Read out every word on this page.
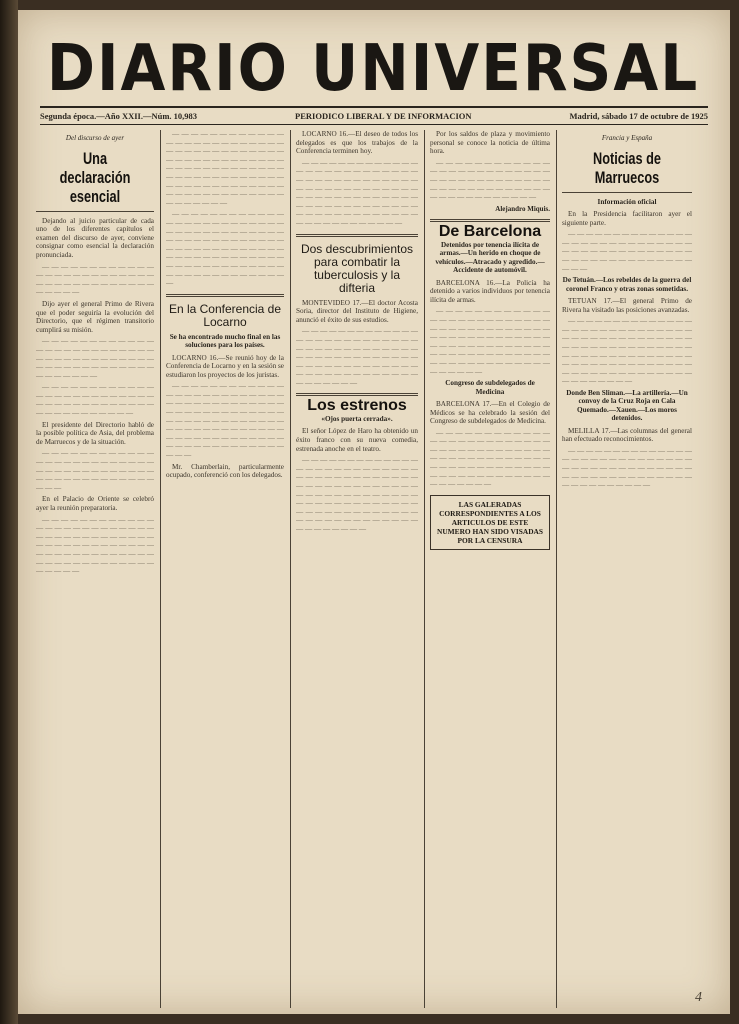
DIARIO UNIVERSAL
Segunda época.—Año XXII.—Núm. 10,983	PERIODICO LIBERAL Y DE INFORMACION	Madrid, sábado 17 de octubre de 1925
Del discurso de ayer
Una declaración esencial

Dejando al juicio particular de cada uno de los diferentes capítulos el examen del discurso de ayer, conviene consignar como esencial la declaración pronunciada.

— — — — — — — — — — — — — — — — — — — — — — — — — — — — — — — — — — — — — — — — — — —

Dijo ayer el general Primo de Rivera que el poder seguiría la evolución del Directorio, que el régimen transitorio cumplirá su misión.

— — — — — — — — — — — — — — — — — — — — — — — — — — — — — — — — — — — — — — — — — — — — — — — — — — — — — — — — — —

— — — — — — — — — — — — — — — — — — — — — — — — — — — — — — — — — — — — — — — — — — — — — — — — —

El presidente del Directorio habló de la posible política de Asia, del problema de Marruecos y de la situación.

— — — — — — — — — — — — — — — — — — — — — — — — — — — — — — — — — — — — — — — — — — — — — — — — — — — — — —

En el Palacio de Oriente se celebró ayer la reunión preparatoria.

— — — — — — — — — — — — — — — — — — — — — — — — — — — — — — — — — — — — — — — — — — — — — — — — — — — — — — — — — — — — — — — — — — — — — — — — — — — — — — — — — —

— — — — — — — — — — — — — — — — — — — — — — — — — — — — — — — — — — — — — — — — — — — — — — — — — — — — — — — — — — — — — — — — — — — — — — — — — — — — — — — — — — — — — — — — — — — — — — — — — — — — — — — — — — — — — —

— — — — — — — — — — — — — — — — — — — — — — — — — — — — — — — — — — — — — — — — — — — — — — — — — — — — — — — — — — — — — — — — — — — — — — — — — — — — — — — — — — — — — — — — — — — — — — — — — — — — — — — —

En la Conferencia de Locarno
Se ha encontrado mucho final en las soluciones para los países.

LOCARNO 16.—Se reunió hoy de la Conferencia de Locarno y en la sesión se estudiaron los proyectos de los juristas.

— — — — — — — — — — — — — — — — — — — — — — — — — — — — — — — — — — — — — — — — — — — — — — — — — — — — — — — — — — — — — — — — — — — — — — — — — — — — — — — — — — — — — — — — — — — — — — — — — — — — — — — — — —

Mr. Chamberlain, particularmente ocupado, conferenció con los delegados.

LOCARNO 16.—El deseo de todos los delegados es que los trabajos de la Conferencia terminen hoy.

— — — — — — — — — — — — — — — — — — — — — — — — — — — — — — — — — — — — — — — — — — — — — — — — — — — — — — — — — — — — — — — — — — — — — — — — — — — — — — — — — — — — — — — — — — — — — — — — — — — — — — —

Dos descubrimientos para combatir la tuberculosis y la difteria

MONTEVIDEO 17.—El doctor Acosta Soria, director del Instituto de Higiene, anunció el éxito de sus estudios.

— — — — — — — — — — — — — — — — — — — — — — — — — — — — — — — — — — — — — — — — — — — — — — — — — — — — — — — — — — — — — — — — — — — — — — — — — — — — — — — — — — — — —

Los estrenos
«Ojos puerta cerrada».

El señor López de Haro ha obtenido un éxito franco con su nueva comedia, estrenada anoche en el teatro.

— — — — — — — — — — — — — — — — — — — — — — — — — — — — — — — — — — — — — — — — — — — — — — — — — — — — — — — — — — — — — — — — — — — — — — — — — — — — — — — — — — — — — — — — — — — — — — — — — — — — — — — — — — — — — — — —

Por los saldos de plaza y movimiento personal se conoce la noticia de última hora.

— — — — — — — — — — — — — — — — — — — — — — — — — — — — — — — — — — — — — — — — — — — — — — — — — — — — — — — — — — — — — — —

Alejandro Miquis.
De Barcelona
Detenidos por tenencia ilícita de armas.—Un herido en choque de vehículos.—Atracado y agredido.—Accidente de automóvil.

BARCELONA 16.—La Policía ha detenido a varios individuos por tenencia ilícita de armas.

— — — — — — — — — — — — — — — — — — — — — — — — — — — — — — — — — — — — — — — — — — — — — — — — — — — — — — — — — — — — — — — — — — — — — — — — — — — — — — — — — — — — — — — — — — — — — — — —

Congreso de subdelegados de Medicina

BARCELONA 17.—En el Colegio de Médicos se ha celebrado la sesión del Congreso de subdelegados de Medicina.

— — — — — — — — — — — — — — — — — — — — — — — — — — — — — — — — — — — — — — — — — — — — — — — — — — — — — — — — — — — — — — — — — — — — — — — — — — — — — — — — — — — —

LAS GALERADAS CORRESPONDIENTES A LOS ARTICULOS DE ESTE NUMERO HAN SIDO VISADAS POR LA CENSURA
Francia y España
Noticias de Marruecos
Información oficial

En la Presidencia facilitaron ayer el siguiente parte.

— — — — — — — — — — — — — — — — — — — — — — — — — — — — — — — — — — — — — — — — — — — — — — — — — — — — — — — — — — —

De Tetuán.—Los rebeldes de la guerra del coronel Franco y otras zonas sometidas.

TETUAN 17.—El general Primo de Rivera ha visitado las posiciones avanzadas.

— — — — — — — — — — — — — — — — — — — — — — — — — — — — — — — — — — — — — — — — — — — — — — — — — — — — — — — — — — — — — — — — — — — — — — — — — — — — — — — — — — — — — — — — — — — — — — — — — — — — — — — — — —

Donde Ben Sliman.—La artillería.—Un convoy de la Cruz Roja en Cala Quemado.—Xauen.—Los moros detenidos.

MELILLA 17.—Las columnas del general han efectuado reconocimientos.

— — — — — — — — — — — — — — — — — — — — — — — — — — — — — — — — — — — — — — — — — — — — — — — — — — — — — — — — — — — — — — — — — —

4
